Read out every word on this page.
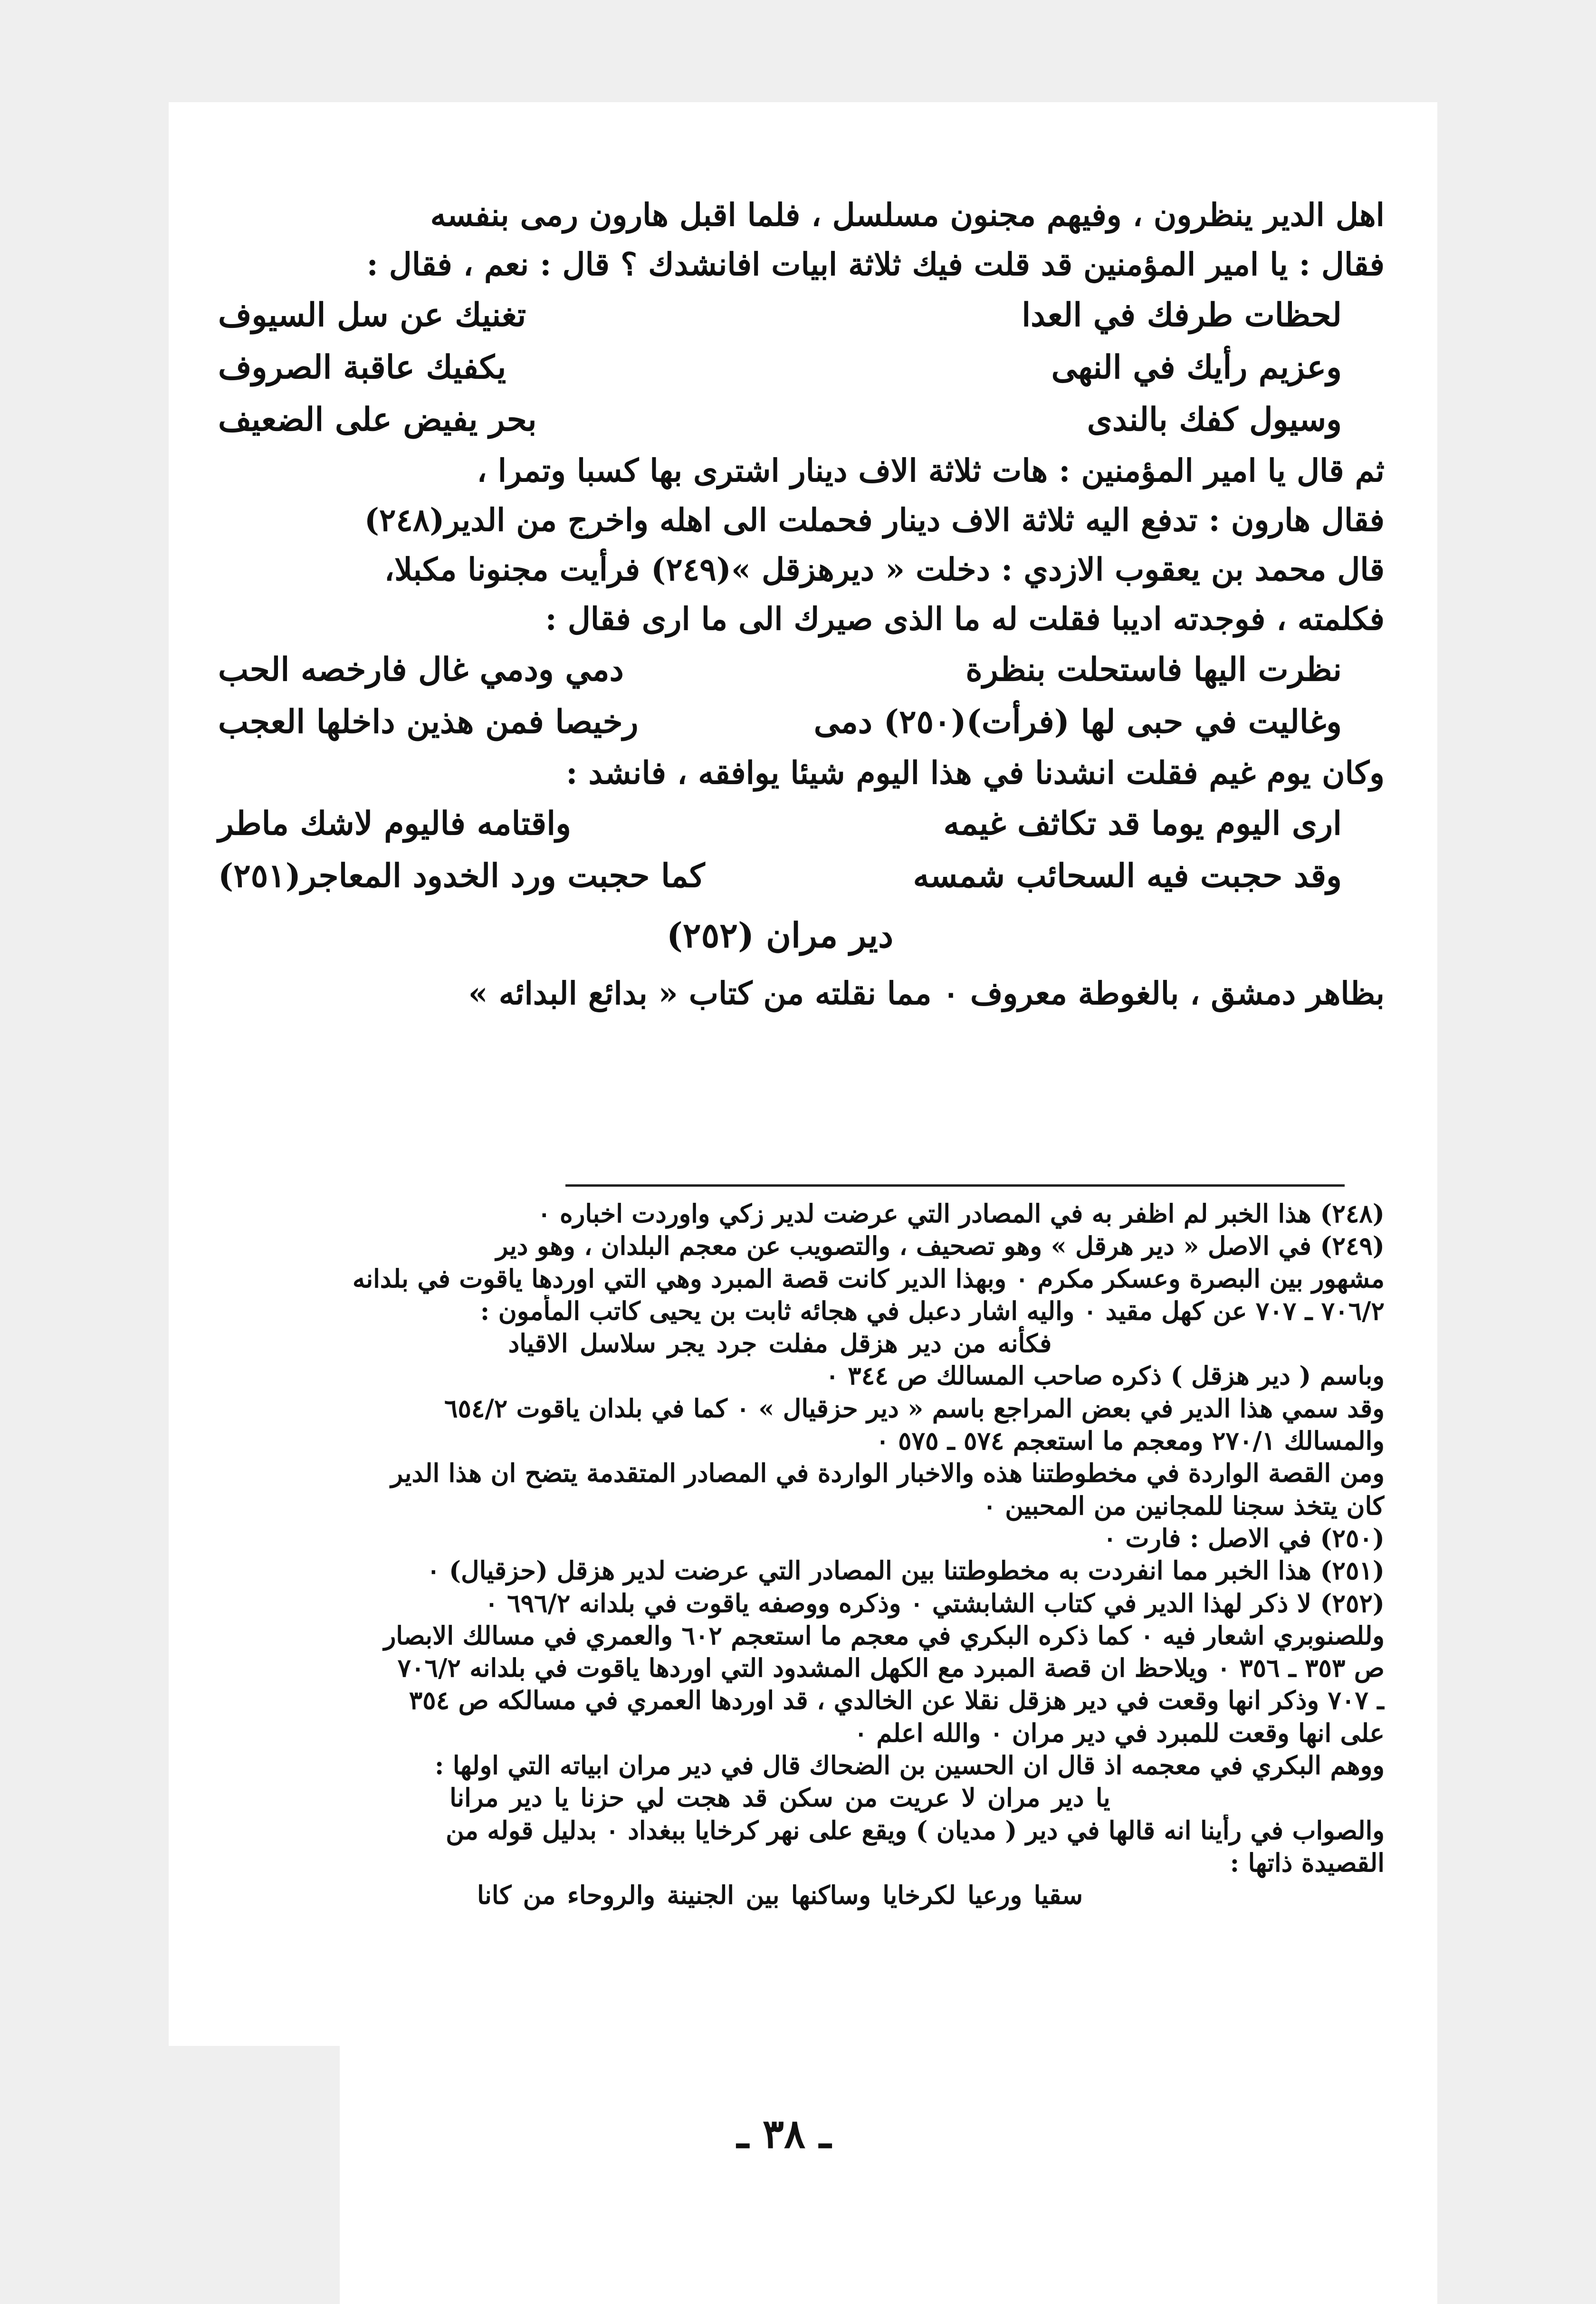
اهل الدير ينظرون ، وفيهم مجنون مسلسل ، فلما اقبل هارون رمى بنفسه
فقال : يا امير المؤمنين قد قلت فيك ثلاثة ابيات افانشدك ؟ قال : نعم ، فقال :
لحظات طرفك في العدا
تغنيك عن سل السيوف
وعزيم رأيك في النهى
يكفيك عاقبة الصروف
وسيول كفك بالندى
بحر يفيض على الضعيف
ثم قال يا امير المؤمنين : هات ثلاثة الاف دينار اشترى بها كسبا وتمرا ،
فقال هارون : تدفع اليه ثلاثة الاف دينار فحملت الى اهله واخرج من الدير(٢٤٨)
قال محمد بن يعقوب الازدي : دخلت « ديرهزقل »(٢٤٩) فرأيت مجنونا مكبلا،
فكلمته ، فوجدته اديبا فقلت له ما الذى صيرك الى ما ارى فقال :
نظرت اليها فاستحلت بنظرة
دمي ودمي غال فارخصه الحب
وغاليت في حبى لها (فرأت)(٢٥٠) دمى
رخيصا فمن هذين داخلها العجب
وكان يوم غيم فقلت انشدنا في هذا اليوم شيئا يوافقه ، فانشد :
ارى اليوم يوما قد تكاثف غيمه
واقتامه فاليوم لاشك ماطر
وقد حجبت فيه السحائب شمسه
كما حجبت ورد الخدود المعاجر(٢٥١)
دير مران (٢٥٢)
بظاهر دمشق ، بالغوطة معروف ٠ مما نقلته من كتاب « بدائع البدائه »
(٢٤٨) هذا الخبر لم اظفر به في المصادر التي عرضت لدير زكي واوردت اخباره ٠
(٢٤٩) في الاصل « دير هرقل » وهو تصحيف ، والتصويب عن معجم البلدان ، وهو دير
مشهور بين البصرة وعسكر مكرم ٠ وبهذا الدير كانت قصة المبرد وهي التي اوردها ياقوت في بلدانه
٧٠٦/٢ ـ ٧٠٧ عن كهل مقيد ٠ واليه اشار دعبل في هجائه ثابت بن يحيى كاتب المأمون :
فكأنه من دير هزقل مفلت جرد يجر سلاسل الاقياد
وباسم ( دير هزقل ) ذكره صاحب المسالك ص ٣٤٤ ٠
وقد سمي هذا الدير في بعض المراجع باسم « دير حزقيال » ٠ كما في بلدان ياقوت ٦٥٤/٢
والمسالك ٢٧٠/١ ومعجم ما استعجم ٥٧٤ ـ ٥٧٥ ٠
ومن القصة الواردة في مخطوطتنا هذه والاخبار الواردة في المصادر المتقدمة يتضح ان هذا الدير
كان يتخذ سجنا للمجانين من المحبين ٠
(٢٥٠) في الاصل : فارت ٠
(٢٥١) هذا الخبر مما انفردت به مخطوطتنا بين المصادر التي عرضت لدير هزقل (حزقيال) ٠
(٢٥٢) لا ذكر لهذا الدير في كتاب الشابشتي ٠ وذكره ووصفه ياقوت في بلدانه ٦٩٦/٢ ٠
وللصنوبري اشعار فيه ٠ كما ذكره البكري في معجم ما استعجم ٦٠٢ والعمري في مسالك الابصار
ص ٣٥٣ ـ ٣٥٦ ٠ ويلاحظ ان قصة المبرد مع الكهل المشدود التي اوردها ياقوت في بلدانه ٧٠٦/٢
ـ ٧٠٧ وذكر انها وقعت في دير هزقل نقلا عن الخالدي ، قد اوردها العمري في مسالكه ص ٣٥٤
على انها وقعت للمبرد في دير مران ٠ والله اعلم ٠
ووهم البكري في معجمه اذ قال ان الحسين بن الضحاك قال في دير مران ابياته التي اولها :
يا دير مران لا عريت من سكن قد هجت لي حزنا يا دير مرانا
والصواب في رأينا انه قالها في دير ( مديان ) ويقع على نهر كرخايا ببغداد ٠ بدليل قوله من
القصيدة ذاتها :
سقيا ورعيا لكرخايا وساكنها بين الجنينة والروحاء من كانا
ـ ٣٨ ـ
